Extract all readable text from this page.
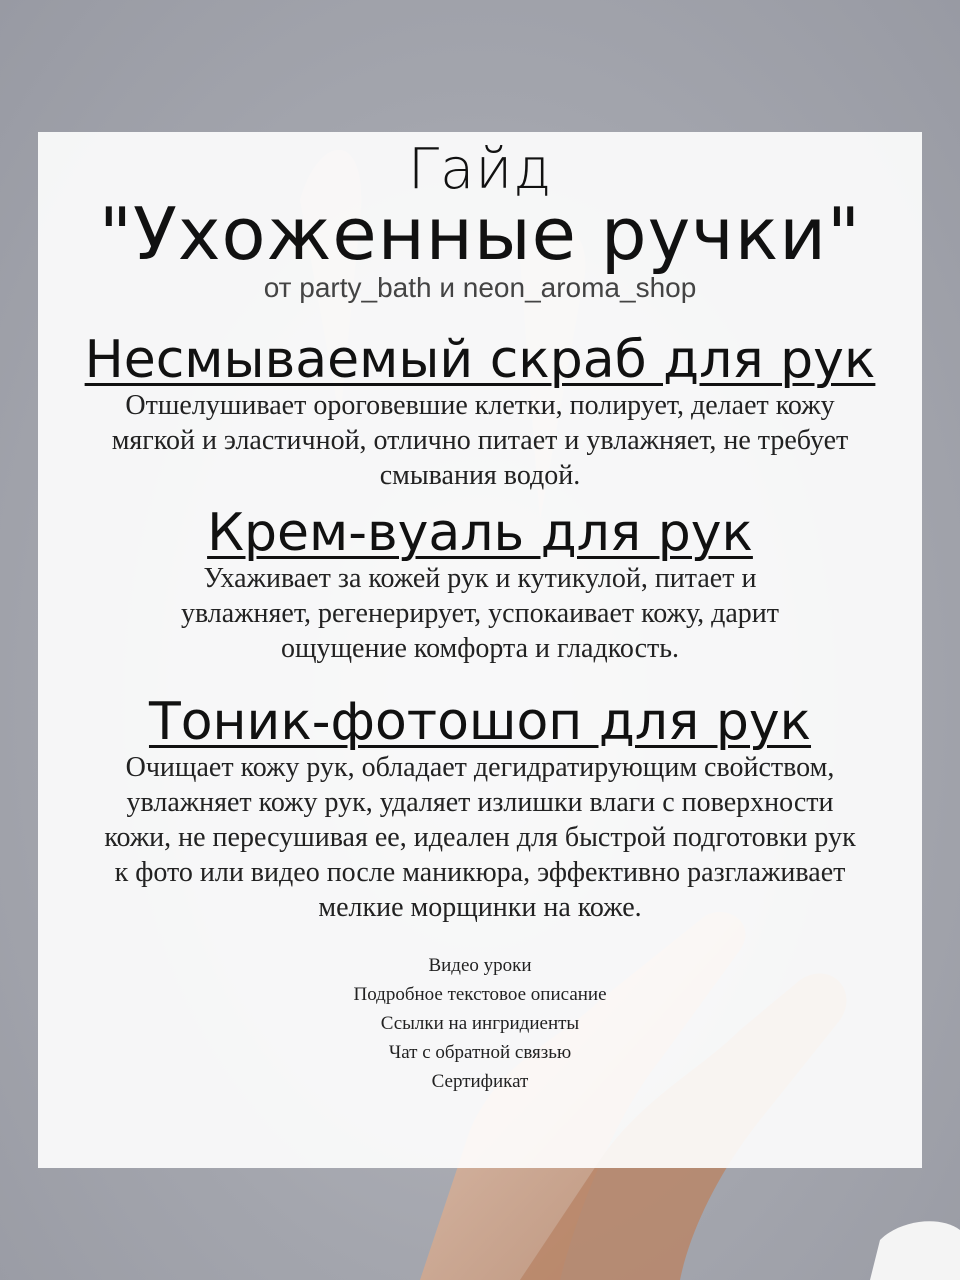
Гайд
"Ухоженные ручки"
от party_bath и neon_aroma_shop
Несмываемый скраб для рук
Отшелушивает ороговевшие клетки, полирует, делает кожу мягкой и эластичной, отлично питает и увлажняет, не требует смывания водой.
Крем-вуаль для рук
Ухаживает за кожей рук и кутикулой, питает и увлажняет, регенерирует, успокаивает кожу, дарит ощущение комфорта и гладкость.
Тоник-фотошоп для рук
Очищает кожу рук, обладает дегидратирующим свойством, увлажняет кожу рук, удаляет излишки влаги с поверхности кожи, не пересушивая ее, идеален для быстрой подготовки рук к фото или видео после маникюра, эффективно разглаживает мелкие морщинки на коже.
Видео уроки
Подробное текстовое описание
Ссылки на ингридиенты
Чат с обратной связью
Сертификат
